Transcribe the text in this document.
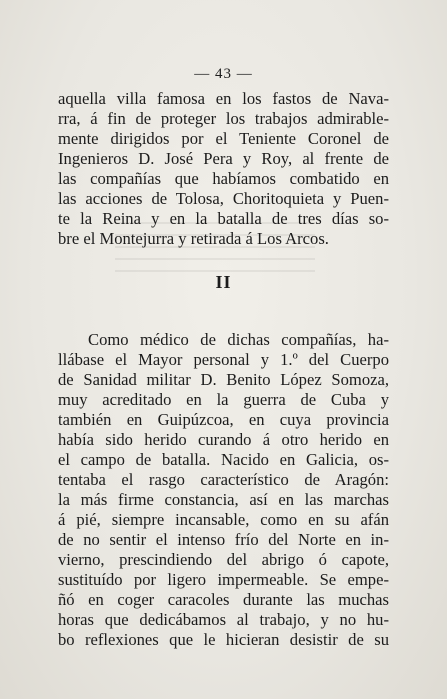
— 43 —
aquella villa famosa en los fastos de Nava-
rra, á fin de proteger los trabajos admirable-
mente dirigidos por el Teniente Coronel de
Ingenieros D. José Pera y Roy, al frente de
las compañías que habíamos combatido en
las acciones de Tolosa, Choritoquieta y Puen-
te la Reina y en la batalla de tres días so-
bre el Montejurra y retirada á Los Arcos.
II
Como médico de dichas compañías, ha-
llábase el Mayor personal y 1.º del Cuerpo
de Sanidad militar D. Benito López Somoza,
muy acreditado en la guerra de Cuba y
también en Guipúzcoa, en cuya provincia
había sido herido curando á otro herido en
el campo de batalla. Nacido en Galicia, os-
tentaba el rasgo característico de Aragón:
la más firme constancia, así en las marchas
á pié, siempre incansable, como en su afán
de no sentir el intenso frío del Norte en in-
vierno, prescindiendo del abrigo ó capote,
sustituído por ligero impermeable. Se empe-
ñó en coger caracoles durante las muchas
horas que dedicábamos al trabajo, y no hu-
bo reflexiones que le hicieran desistir de su
